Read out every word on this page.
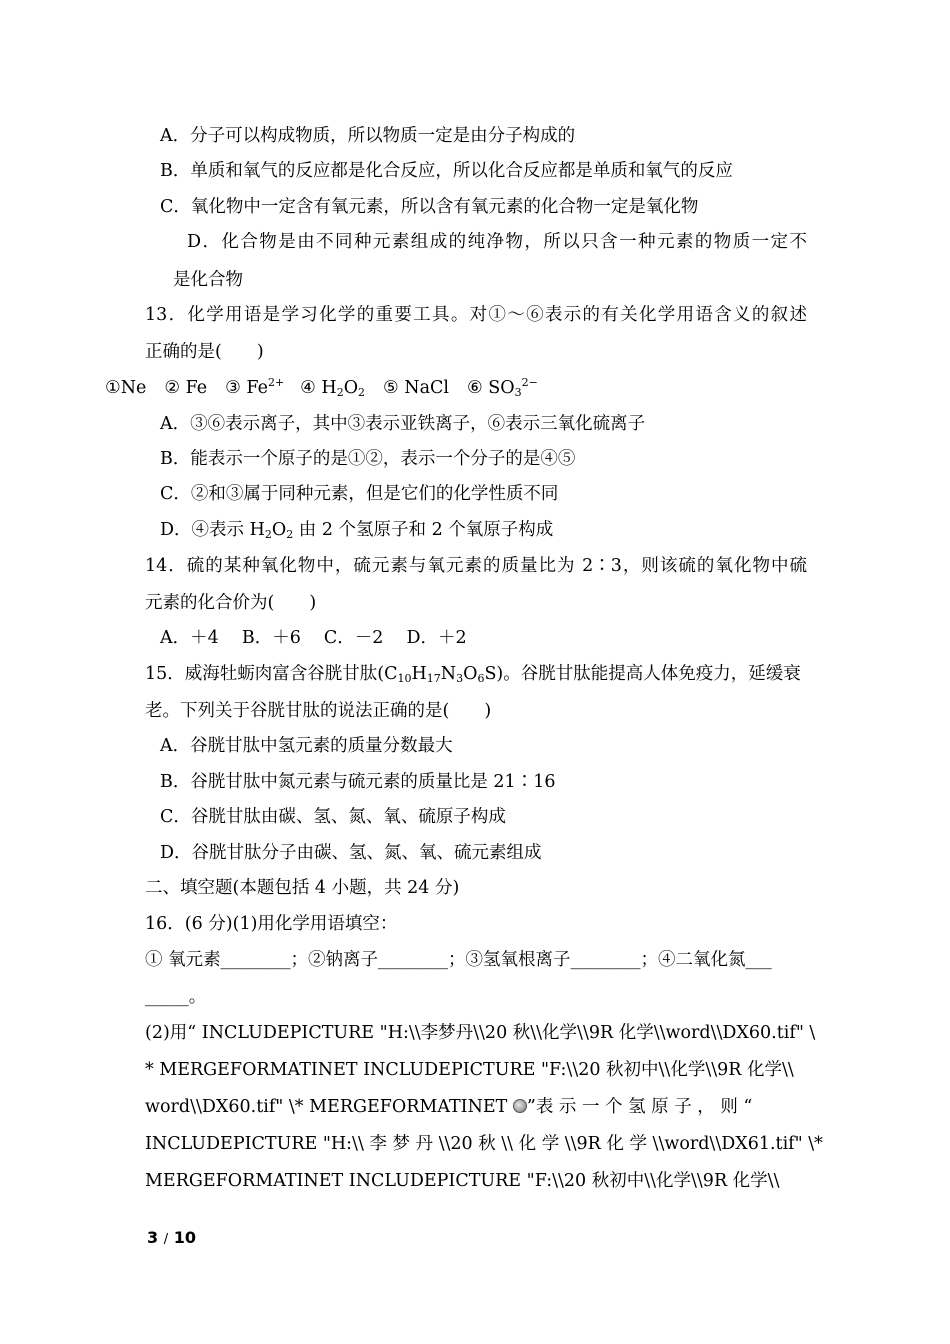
A．分子可以构成物质，所以物质一定是由分子构成的
B．单质和氧气的反应都是化合反应，所以化合反应都是单质和氧气的反应
C．氧化物中一定含有氧元素，所以含有氧元素的化合物一定是氧化物
D．化合物是由不同种元素组成的纯净物，所以只含一种元素的物质一定不
是化合物
13．化学用语是学习化学的重要工具。对①～⑥表示的有关化学用语含义的叙述
正确的是(　　)
①Ne ② Fe ③ $Fe^{2+}$ ④ $H_2O_2$ ⑤ NaCl ⑥ $SO_3^{2-}$
A．③⑥表示离子，其中③表示亚铁离子，⑥表示三氧化硫离子
B．能表示一个原子的是①②，表示一个分子的是④⑤
C．②和③属于同种元素，但是它们的化学性质不同
D．④表示 $H_2O_2$ 由 2 个氢原子和 2 个氧原子构成
14．硫的某种氧化物中，硫元素与氧元素的质量比为 2∶3，则该硫的氧化物中硫
元素的化合价为(　　)
A．＋4　 B．＋6　 C．－2　 D．＋2
15．威海牡蛎肉富含谷胱甘肽$(C_{10}H_{17}N_3O_6S)$。谷胱甘肽能提高人体免疫力，延缓衰
老。下列关于谷胱甘肽的说法正确的是(　　)
A．谷胱甘肽中氢元素的质量分数最大
B．谷胱甘肽中氮元素与硫元素的质量比是 21∶16
C．谷胱甘肽由碳、氢、氮、氧、硫原子构成
D．谷胱甘肽分子由碳、氢、氮、氧、硫元素组成
二、填空题(本题包括 4 小题，共 24 分)
16．(6 分)(1)用化学用语填空：
① 氧元素________；②钠离子________；③氢氧根离子________；④二氧化氮___
_____。
(2)用“ INCLUDEPICTURE "H:\\李梦丹\\20 秋\\化学\\9R 化学\\word\\DX60.tif" \
* MERGEFORMATINET INCLUDEPICTURE "F:\\20 秋初中\\化学\\9R 化学\\
word\\DX60.tif" \* MERGEFORMATINET ”表 示 一 个 氢 原 子 ， 则 “
INCLUDEPICTURE "H:\\ 李 梦 丹 \\20 秋 \\ 化 学 \\9R 化 学 \\word\\DX61.tif" \*
MERGEFORMATINET INCLUDEPICTURE "F:\\20 秋初中\\化学\\9R 化学\\
3 / 10
